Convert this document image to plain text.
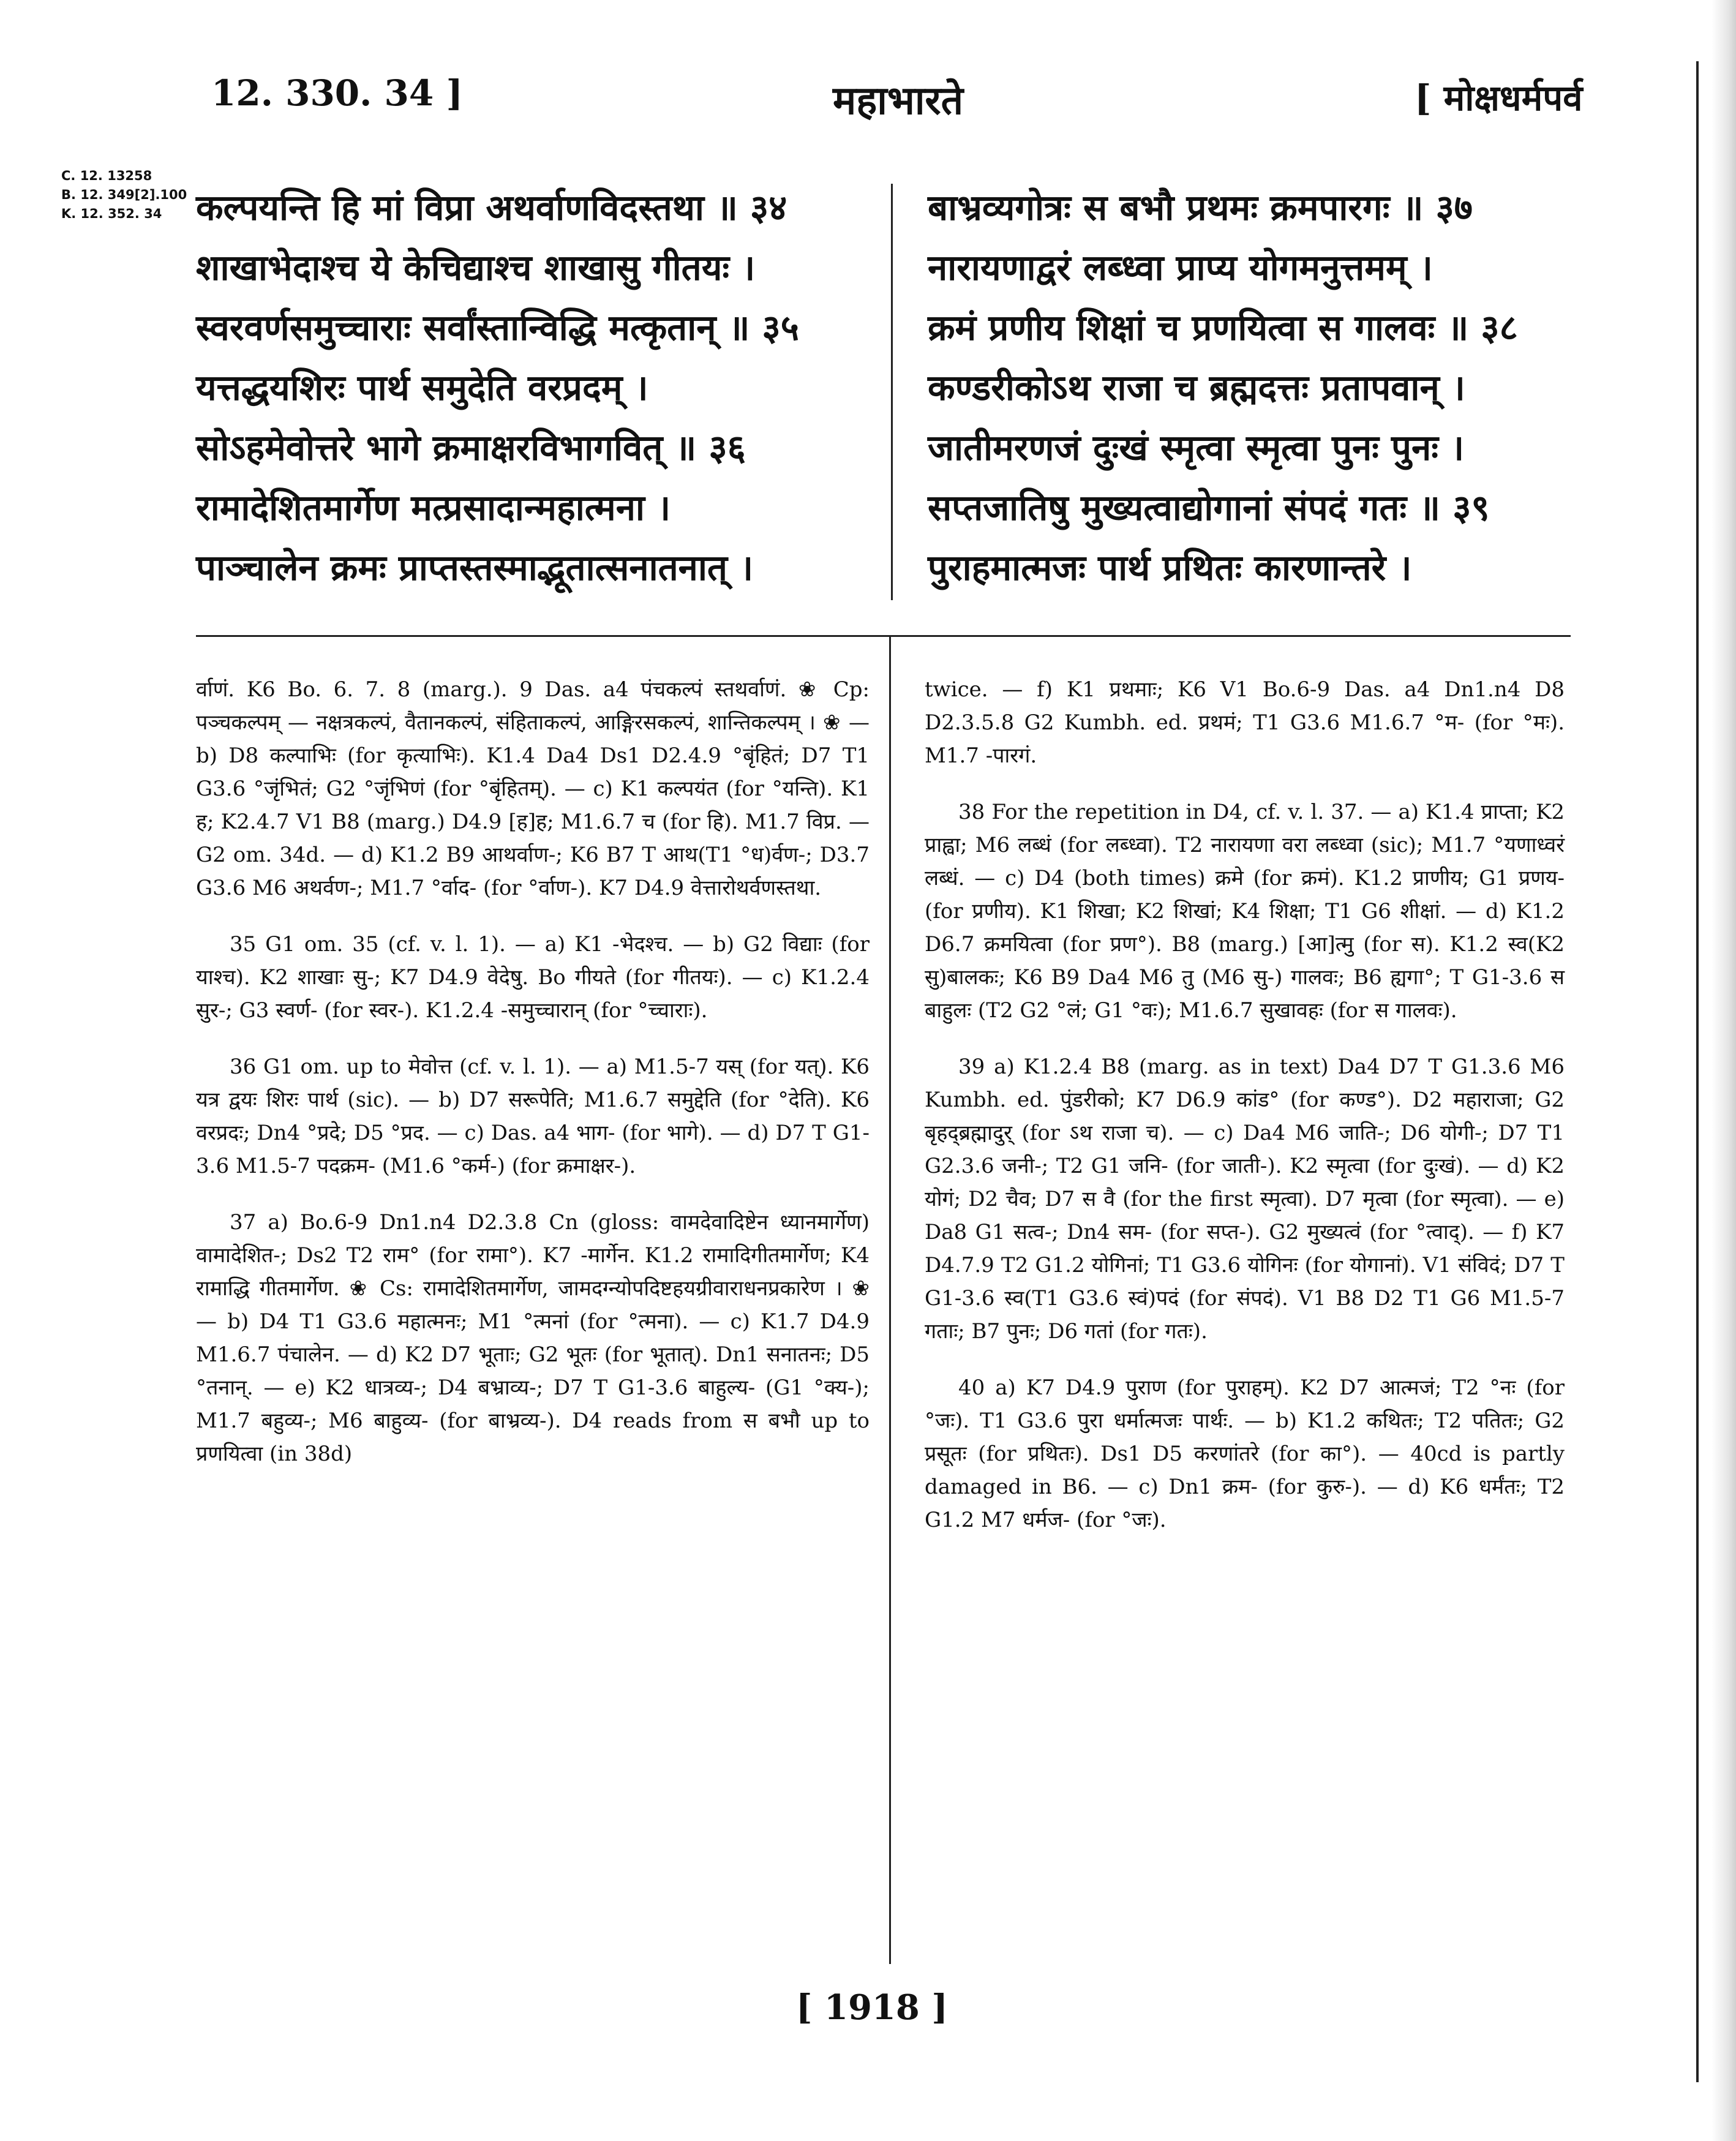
12. 330. 34 ]	महाभारते	[ मोक्षधर्मपर्व
C. 12. 13258
B. 12. 349[2].100
K. 12. 352. 34 कल्पयन्ति हि मां विप्रा अथर्वाणविदस्तथा ॥ ३४
शाखाभेदाश्च ये केचिद्याश्च शाखासु गीतयः ।
स्वरवर्णसमुच्चाराः सर्वांस्तान्विद्धि मत्कृतान् ॥ ३५
यत्तद्धयशिरः पार्थ समुदेति वरप्रदम् ।
सोऽहमेवोत्तरे भागे क्रमाक्षरविभागवित् ॥ ३६
रामादेशितमार्गेण मत्प्रसादान्महात्मना ।
पाञ्चालेन क्रमः प्राप्तस्तस्माद्भूतात्सनातनात् ।
बाभ्रव्यगोत्रः स बभौ प्रथमः क्रमपारगः ॥ ३७
नारायणाद्वरं लब्ध्वा प्राप्य योगमनुत्तमम् ।
क्रमं प्रणीय शिक्षां च प्रणयित्वा स गालवः ॥ ३८
कण्डरीकोऽथ राजा च ब्रह्मदत्तः प्रतापवान् ।
जातीमरणजं दुःखं स्मृत्वा स्मृत्वा पुनः पुनः ।
सप्तजातिषु मुख्यत्वाद्योगानां संपदं गतः ॥ ३९
पुराहमात्मजः पार्थ प्रथितः कारणान्तरे ।

र्वाणं. K6 Bo. 6. 7. 8 (marg.). 9 Das. a4 पंचकल्पं स्तथर्वाणं. ❀ Cp: पञ्चकल्पम् — नक्षत्रकल्पं, वैतानकल्पं, संहिताकल्पं, आङ्गिरसकल्पं, शान्तिकल्पम् । ❀ — b) D8 कल्पाभिः (for कृत्याभिः). K1.4 Da4 Ds1 D2.4.9 °बृंहितं; D7 T1 G3.6 °जृंभितं; G2 °जृंभिणं (for °बृंहितम्). — c) K1 कल्पयंत (for °यन्ति). K1 ह; K2.4.7 V1 B8 (marg.) D4.9 [ह]ह; M1.6.7 च (for हि). M1.7 विप्र. — G2 om. 34d. — d) K1.2 B9 आथर्वाण-; K6 B7 T आथ(T1 °ध)र्वण-; D3.7 G3.6 M6 अथर्वण-; M1.7 °र्वाद- (for °र्वाण-). K7 D4.9 वेत्तारोथर्वणस्तथा.

35 G1 om. 35 (cf. v. l. 1). — a) K1 -भेदश्च. — b) G2 विद्याः (for याश्च). K2 शाखाः सु-; K7 D4.9 वेदेषु. Bo गीयते (for गीतयः). — c) K1.2.4 सुर-; G3 स्वर्ण- (for स्वर-). K1.2.4 -समुच्चारान् (for °च्चाराः).

36 G1 om. up to मेवोत्त (cf. v. l. 1). — a) M1.5-7 यस् (for यत्). K6 यत्र द्वयः शिरः पार्थ (sic). — b) D7 सरूपेति; M1.6.7 समुद्देति (for °देति). K6 वरप्रदः; Dn4 °प्रदे; D5 °प्रद. — c) Das. a4 भाग- (for भागे). — d) D7 T G1-3.6 M1.5-7 पदक्रम- (M1.6 °कर्म-) (for क्रमाक्षर-).

37 a) Bo.6-9 Dn1.n4 D2.3.8 Cn (gloss: वामदेवादिष्टेन ध्यानमार्गेण) वामादेशित-; Ds2 T2 राम° (for रामा°). K7 -मार्गेन. K1.2 रामादिगीतमार्गेण; K4 रामाद्धि गीतमार्गेण. ❀ Cs: रामादेशितमार्गेण, जामदग्न्योपदिष्टहयग्रीवाराधनप्रकारेण । ❀ — b) D4 T1 G3.6 महात्मनः; M1 °त्मनां (for °त्मना). — c) K1.7 D4.9 M1.6.7 पंचालेन. — d) K2 D7 भूताः; G2 भूतः (for भूतात्). Dn1 सनातनः; D5 °तनान्. — e) K2 धात्रव्य-; D4 बभ्राव्य-; D7 T G1-3.6 बाहुल्य- (G1 °क्य-); M1.7 बहुव्य-; M6 बाहुव्य- (for बाभ्रव्य-). D4 reads from स बभौ up to प्रणयित्वा (in 38d)

twice. — f) K1 प्रथमाः; K6 V1 Bo.6-9 Das. a4 Dn1.n4 D8 D2.3.5.8 G2 Kumbh. ed. प्रथमं; T1 G3.6 M1.6.7 °म- (for °मः). M1.7 -पारगं.

38 For the repetition in D4, cf. v. l. 37. — a) K1.4 प्राप्ता; K2 प्राह्वा; M6 लब्धं (for लब्ध्वा). T2 नारायणा वरा लब्ध्वा (sic); M1.7 °यणाध्वरं लब्धं. — c) D4 (both times) क्रमे (for क्रमं). K1.2 प्राणीय; G1 प्रणय- (for प्रणीय). K1 शिखा; K2 शिखां; K4 शिक्षा; T1 G6 शीक्षां. — d) K1.2 D6.7 क्रमयित्वा (for प्रण°). B8 (marg.) [आ]त्मु (for स). K1.2 स्व(K2 सु)बालकः; K6 B9 Da4 M6 तु (M6 सु-) गालवः; B6 ह्यगा°; T G1-3.6 स बाहुलः (T2 G2 °लं; G1 °वः); M1.6.7 सुखावहः (for स गालवः).

39 a) K1.2.4 B8 (marg. as in text) Da4 D7 T G1.3.6 M6 Kumbh. ed. पुंडरीको; K7 D6.9 कांड° (for कण्ड°). D2 महाराजा; G2 बृहद्ब्रह्मादुर् (for ऽथ राजा च). — c) Da4 M6 जाति-; D6 योगी-; D7 T1 G2.3.6 जनी-; T2 G1 जनि- (for जाती-). K2 स्मृत्वा (for दुःखं). — d) K2 योगं; D2 चैव; D7 स वै (for the first स्मृत्वा). D7 मृत्वा (for स्मृत्वा). — e) Da8 G1 सत्व-; Dn4 सम- (for सप्त-). G2 मुख्यत्वं (for °त्वाद्). — f) K7 D4.7.9 T2 G1.2 योगिनां; T1 G3.6 योगिनः (for योगानां). V1 संविदं; D7 T G1-3.6 स्व(T1 G3.6 स्वं)पदं (for संपदं). V1 B8 D2 T1 G6 M1.5-7 गताः; B7 पुनः; D6 गतां (for गतः).

40 a) K7 D4.9 पुराण (for पुराहम्). K2 D7 आत्मजं; T2 °नः (for °जः). T1 G3.6 पुरा धर्मात्मजः पार्थः. — b) K1.2 कथितः; T2 पतितः; G2 प्रसूतः (for प्रथितः). Ds1 D5 करणांतरे (for का°). — 40cd is partly damaged in B6. — c) Dn1 क्रम- (for कुरु-). — d) K6 धर्मंतः; T2 G1.2 M7 धर्मज- (for °जः).

[ 1918 ]
